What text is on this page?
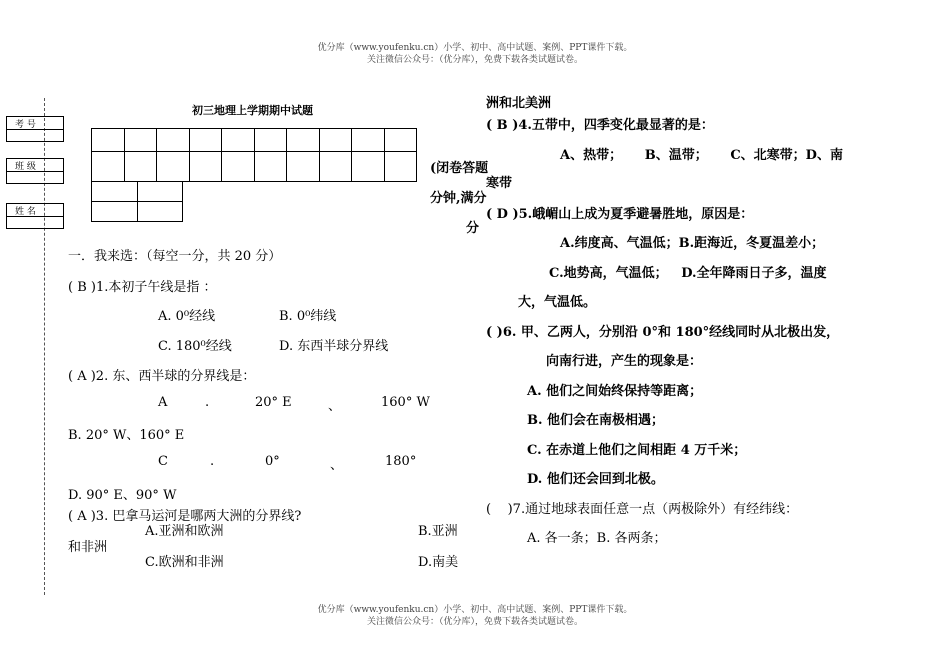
优分库（www.youfenku.cn）小学、初中、高中试题、案例、PPT课件下载。
关注微信公众号：（优分库），免费下载各类试题试卷。
考 号
班 级
姓 名
初三地理上学期期中试题

(闭卷答题
寒带
分钟,满分
分
一．我来选：（每空一分，共 20 分）
( B )1.本初子午线是指 ：
A. 0⁰经线	B. 0⁰纬线
C. 180⁰经线	D. 东西半球分界线
( A )2. 东、西半球的分界线是：
A	.	20° E	、	160° W
B. 20° W、160° E
C	.	0°	、	180°
D. 90° E、90° W
( A )3. 巴拿马运河是哪两大洲的分界线?
A.亚洲和欧洲	B.亚洲
和非洲
C.欧洲和非洲	D.南美
洲和北美洲
( B )4.五带中，四季变化最显著的是：
A、热带；     B、温带；     C、北寒带；D、南
( D )5.峨嵋山上成为夏季避暑胜地，原因是：
A.纬度高、气温低；B.距海近，冬夏温差小；
C.地势高，气温低；   D.全年降雨日子多，温度
大，气温低。
( )6. 甲、乙两人，分别沿 0°和 180°经线同时从北极出发，
向南行进，产生的现象是：
A. 他们之间始终保持等距离；
B. 他们会在南极相遇；
C. 在赤道上他们之间相距 4 万千米；
D. 他们还会回到北极。
(    )7.通过地球表面任意一点（两极除外）有经纬线：
A. 各一条；B. 各两条；
优分库（www.youfenku.cn）小学、初中、高中试题、案例、PPT课件下载。
关注微信公众号：（优分库），免费下载各类试题试卷。
